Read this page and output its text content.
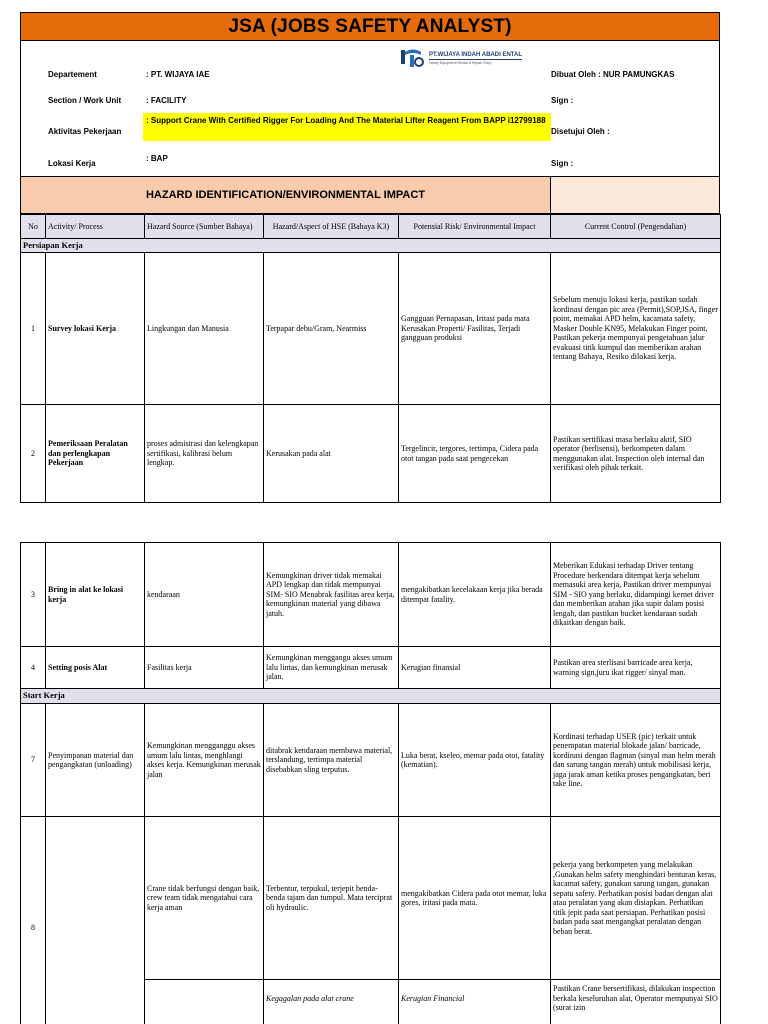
JSA (JOBS SAFETY ANALYST)
PT.WIJAYA INDAH ABADI ENTAL
Heavy Equipment Rental & Repair Shop
Departement	: PT. WIJAYA IAE
Section / Work Unit	: FACILITY
Aktivitas Pekerjaan
: Support Crane With Certified Rigger For Loading And The Material Lifter Reagent From BAPP i12799188
Lokasi Kerja
: BAP
Dibuat Oleh : NUR PAMUNGKAS
Sign :
Disetujui Oleh :
Sign :
HAZARD IDENTIFICATION/ENVIRONMENTAL IMPACT
No	Activity/ Process	Hazard Source (Sumber Bahaya)	Hazard/Aspect of HSE (Bahaya K3)	Potensial Risk/ Environmental Impact	Current Control (Pengendalian)
Persiapan Kerja					
1	Survey lokasi Kerja	Lingkungan dan Manusia	Terpapar debu/Gram, Nearmiss	Gangguan Pernapasan, Iritasi pada mata Kerusakan Properti/ Fasilitas, Terjadi gangguan produksi	Sebelum menuju lokasi kerja, pastikan sudah kordinasi dengan pic area (Permit),SOP,JSA, finger point, memakai APD helm, kacamata safety, Masker Double KN95, Melakukan Finger point, Pastikan pekerja mempunyai pengetahuan jalur evakuasi titik kumpul dan memberikan arahan tentang Bahaya, Resiko dilokasi kerja.
2	Pemeriksaan Peralatan dan perlengkapan Pekerjaan	proses admistrasi dan kelengkapan sertifikasi, kalibrasi belum lengkap.	Kerusakan pada alat	Tergelincir, tergores, tertimpa, Cidera pada otot tangan pada saat pengecekan	Pastikan sertifikasi masa berlaku aktif, SIO operator (berlisensi), berkompeten dalam menggunakan alat. Inspection oleh internal dan verifikasi oleh pihak terkait.
3	Bring in alat ke lokasi kerja	kendaraan	Kemungkinan driver tidak memakai APD lengkap dan tidak mempunyai SIM- SIO Menabrak fasilitas area kerja, kemungkinan material yang dibawa jatuh.	mengakibatkan kecelakaan kerja jika berada ditempat fatality.	Meberikan Edukasi terhadap Driver tentang Procedure berkendara ditempat kerja sebelum memasuki area kerja, Pastikan driver mempunyai SIM - SIO yang berlaku, didampingi kernet driver dan memberikan arahan jika supir dalam posisi lengah, dan pastikan bucket kendaraan sudah dikaitkan dengan baik.
4	Setting posis Alat	Fasilitas kerja	Kemungkinan menggangu akses umum lalu lintas, dan kemungkinan merusak jalan.	Kerugian finansial	Pastikan area sterlisasi barricade area kerja, warning sign,juru ikat rigger/ sinyal man.
Start Kerja					
7	Penyimpanan material dan pengangkatan (unloading)	Kemungkinan mengganggu akses umum lalu lintas, menghlangi akses kerja. Kemungkinan merusak jalan	ditabrak kendaraan membawa material, terslandung, tertimpa material disebabkan sling terputus.	Luka berat, kseleo, memar pada otot, fatality (kematian).	Kordinasi terhadap USER (pic) terkait untuk penempatan material blokade jalan/ barricade, kordinasi dengan flagman (sinyal man helm merah dan sarung tangan merah) untuk mobilisasi kerja, jaga jarak aman ketika proses pengangkatan, beri take line.
8		Crane tidak berfungsi dengan baik, crew team tidak mengatahui cara kerja aman	Terbentur, terpukul, terjepit benda-benda tajam dan tumpul. Mata terciprat oli hydraulic.	mengakibatkan Cidera pada otot memar, luka gores, iritasi pada mata.	pekerja yang berkompeten yang melakukan ,Gunakan helm safety menghindari benturan keras, kacamat safety, gunakan sarung tangan, gunakan sepatu safety. Perhatikan posisi badan dengan alat atau peralatan yang akan disiapkan. Perhatikan titik jepit pada saat persiapan. Perhatikan posisi badan pada saat mengangkat peralatan dengan beban berat.
			Kegagalan pada alat crane	Kerugian Financial	Pastikan Crane bersertifikasi, dilakukan inspection berkala keseluruhan alat, Operator mempunyai SIO (surat izin
